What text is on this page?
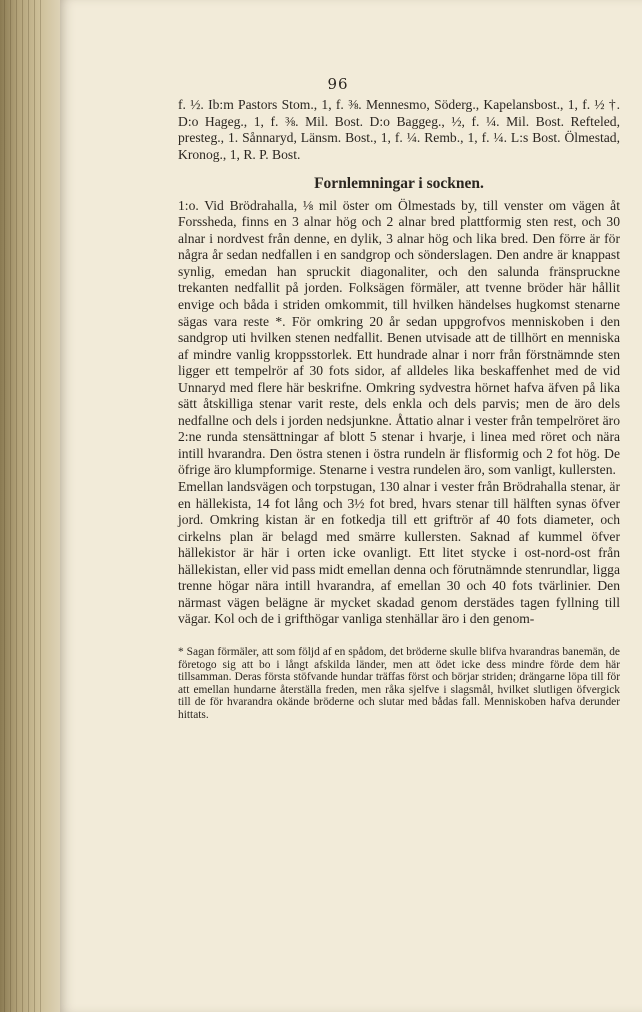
96

f. ½. Ib:m Pastors Stom., 1, f. ⅜. Mennesmo, Söderg., Kapelansbost., 1, f. ½ †. D:o Hageg., 1, f. ⅜. Mil. Bost. D:o Baggeg., ½, f. ¼. Mil. Bost. Refteled, presteg., 1. Sånnaryd, Länsm. Bost., 1, f. ¼. Remb., 1, f. ¼. L:s Bost. Ölmestad, Kronog., 1, R. P. Bost.

Fornlemningar i socknen.

1:o. Vid Brödrahalla, ⅛ mil öster om Ölmestads by, till venster om vägen åt Forssheda, finns en 3 alnar hög och 2 alnar bred plattformig sten rest, och 30 alnar i nordvest från denne, en dylik, 3 alnar hög och lika bred. Den förre är för några år sedan nedfallen i en sandgrop och sönderslagen. Den andre är knappast synlig, emedan han spruckit diagonaliter, och den salunda fränspruckne trekanten nedfallit på jorden. Folksägen förmäler, att tvenne bröder här hållit envige och båda i striden omkommit, till hvilken händelses hugkomst stenarne sägas vara reste *. För omkring 20 år sedan uppgrofvos menniskoben i den sandgrop uti hvilken stenen nedfallit. Benen utvisade att de tillhört en menniska af mindre vanlig kroppsstorlek. Ett hundrade alnar i norr från förstnämnde sten ligger ett tempelrör af 30 fots sidor, af alldeles lika beskaffenhet med de vid Unnaryd med flere här beskrifne. Omkring sydvestra hörnet hafva äfven på lika sätt åtskilliga stenar varit reste, dels enkla och dels parvis; men de äro dels nedfallne och dels i jorden nedsjunkne. Åttatio alnar i vester från tempelröret äro 2:ne runda stensättningar af blott 5 stenar i hvarje, i linea med röret och nära intill hvarandra. Den östra stenen i östra rundeln är flisformig och 2 fot hög. De öfrige äro klumpformige. Stenarne i vestra rundelen äro, som vanligt, kullersten.

Emellan landsvägen och torpstugan, 130 alnar i vester från Brödrahalla stenar, är en hällekista, 14 fot lång och 3½ fot bred, hvars stenar till hälften synas öfver jord. Omkring kistan är en fotkedja till ett griftrör af 40 fots diameter, och cirkelns plan är belagd med smärre kullersten. Saknad af kummel öfver hällekistor är här i orten icke ovanligt. Ett litet stycke i ost-nord-ost från hällekistan, eller vid pass midt emellan denna och förutnämnde stenrundlar, ligga trenne högar nära intill hvarandra, af emellan 30 och 40 fots tvärlinier. Den närmast vägen belägne är mycket skadad genom derstädes tagen fyllning till vägar. Kol och de i grifthögar vanliga stenhällar äro i den genom-

* Sagan förmäler, att som följd af en spådom, det bröderne skulle blifva hvarandras banemän, de företogo sig att bo i långt afskilda länder, men att ödet icke dess mindre förde dem här tillsamman. Deras första stöfvande hundar träffas först och börjar striden; drängarne löpa till för att emellan hundarne återställa freden, men råka sjelfve i slagsmål, hvilket slutligen öfvergick till de för hvarandra okände bröderne och slutar med bådas fall. Menniskoben hafva derunder hittats.
